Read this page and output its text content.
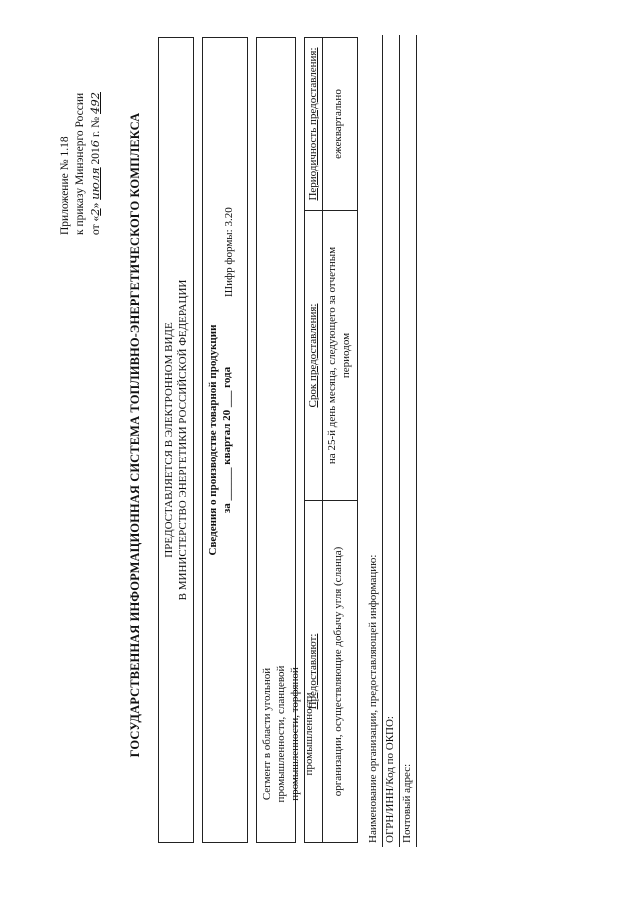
Приложение № 1.18 к приказу Минэнерго России от «2» июля 2016 г. № 492
ГОСУДАРСТВЕННАЯ ИНФОРМАЦИОННАЯ СИСТЕМА ТОПЛИВНО-ЭНЕРГЕТИЧЕСКОГО КОМПЛЕКСА ПРЕДОСТАВЛЯЕТСЯ В ЭЛЕКТРОННОМ ВИДЕ В МИНИСТЕРСТВО ЭНЕРГЕТИКИ РОССИЙСКОЙ ФЕДЕРАЦИИ Сведения о производстве товарной продукции за ______ квартал 20 ___ года
Шифр формы: 3.20
Сегмент в области угольной промышленности, сланцевой промышленности, торфяной промышленности
Предоставляют:	организации, осуществляющие добычу угля (сланца)
Срок предоставления: на 25-й день месяца, следующего за отчетным периодом
Периодичность предоставления:	ежеквартально
Наименование организации, предоставляющей информацию: ОГРН/ИНН/Код по ОКПО: Почтовый адрес:
